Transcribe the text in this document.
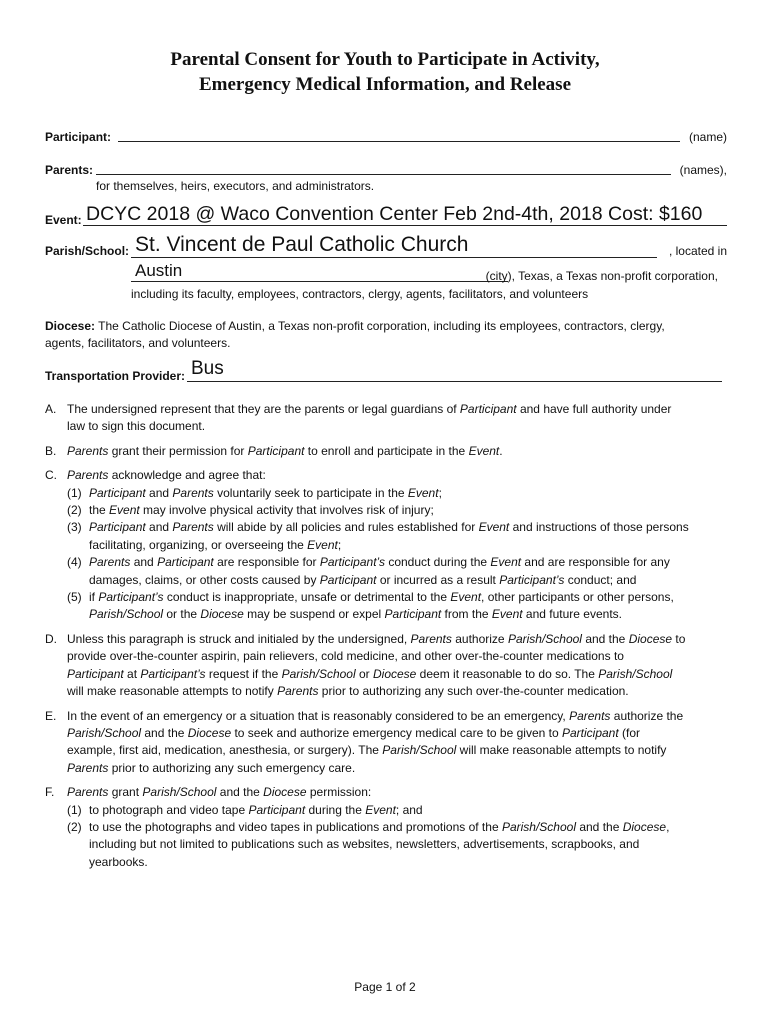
Parental Consent for Youth to Participate in Activity,
Emergency Medical Information, and Release
Participant:	(name)
Parents:	(names),
for themselves, heirs, executors, and administrators.
Event: DCYC 2018 @ Waco Convention Center Feb 2nd-4th, 2018 Cost: $160
Parish/School: St. Vincent de Paul Catholic Church	, located in
Austin	(city), Texas, a Texas non-profit corporation,
including its faculty, employees, contractors, clergy, agents, facilitators, and volunteers
Diocese: The Catholic Diocese of Austin, a Texas non-profit corporation, including its employees, contractors, clergy,
agents, facilitators, and volunteers.
Transportation Provider: Bus
A. The undersigned represent that they are the parents or legal guardians of Participant and have full authority under
law to sign this document.
B. Parents grant their permission for Participant to enroll and participate in the Event.
C. Parents acknowledge and agree that:
(1) Participant and Parents voluntarily seek to participate in the Event;
(2) the Event may involve physical activity that involves risk of injury;
(3) Participant and Parents will abide by all policies and rules established for Event and instructions of those persons
facilitating, organizing, or overseeing the Event;
(4) Parents and Participant are responsible for Participant’s conduct during the Event and are responsible for any
damages, claims, or other costs caused by Participant or incurred as a result Participant’s conduct; and
(5) if Participant’s conduct is inappropriate, unsafe or detrimental to the Event, other participants or other persons,
Parish/School or the Diocese may be suspend or expel Participant from the Event and future events.
D. Unless this paragraph is struck and initialed by the undersigned, Parents authorize Parish/School and the Diocese to
provide over-the-counter aspirin, pain relievers, cold medicine, and other over-the-counter medications to
Participant at Participant’s request if the Parish/School or Diocese deem it reasonable to do so. The Parish/School
will make reasonable attempts to notify Parents prior to authorizing any such over-the-counter medication.
E. In the event of an emergency or a situation that is reasonably considered to be an emergency, Parents authorize the
Parish/School and the Diocese to seek and authorize emergency medical care to be given to Participant (for
example, first aid, medication, anesthesia, or surgery). The Parish/School will make reasonable attempts to notify
Parents prior to authorizing any such emergency care.
F. Parents grant Parish/School and the Diocese permission:
(1) to photograph and video tape Participant during the Event; and
(2) to use the photographs and video tapes in publications and promotions of the Parish/School and the Diocese,
including but not limited to publications such as websites, newsletters, advertisements, scrapbooks, and
yearbooks.
Page 1 of 2
